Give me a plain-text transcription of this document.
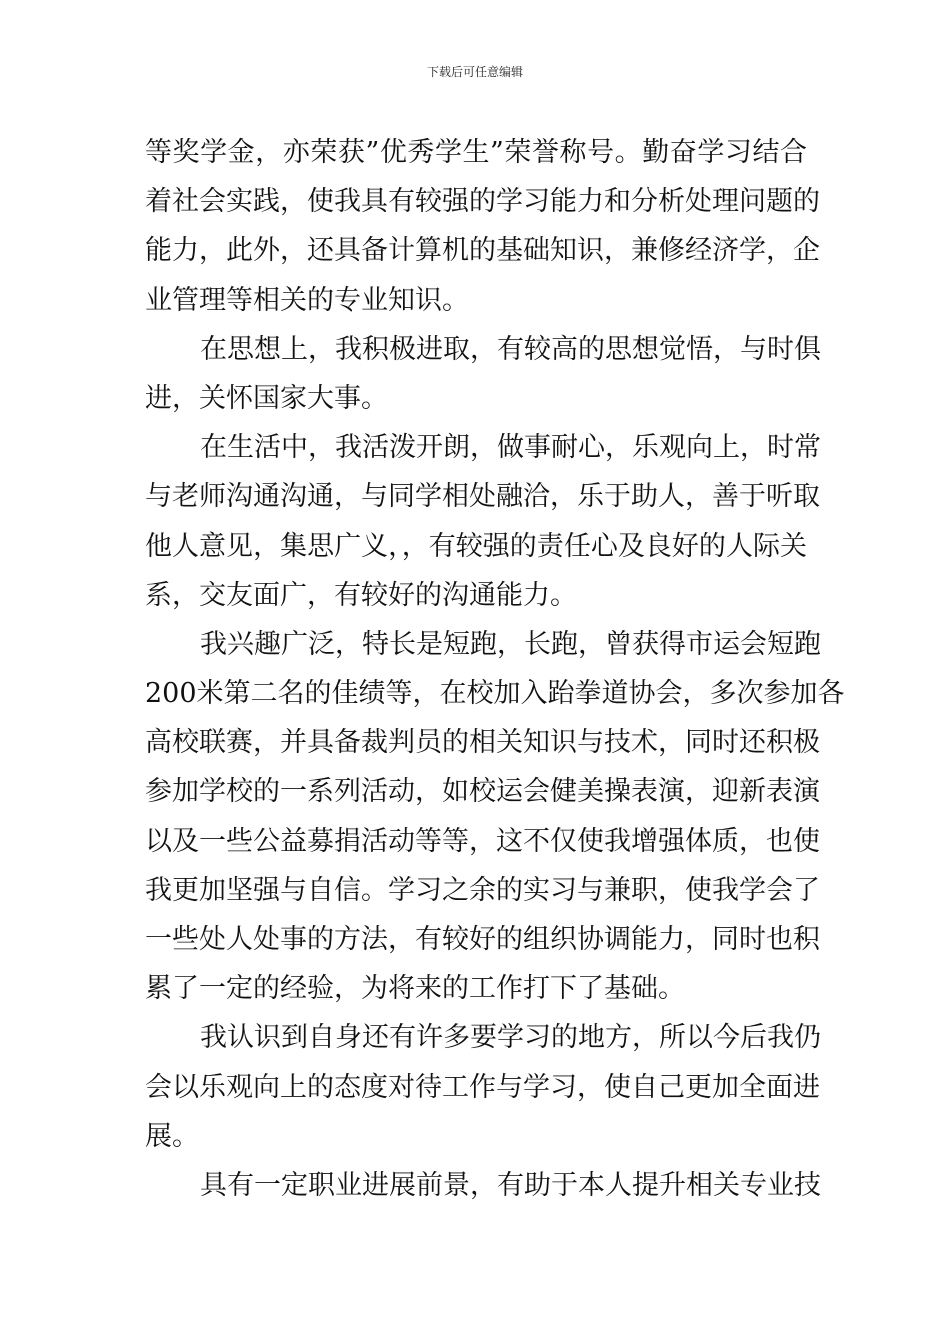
下载后可任意编辑
等奖学金，亦荣获”优秀学生”荣誉称号。勤奋学习结合
着社会实践，使我具有较强的学习能力和分析处理问题的
能力，此外，还具备计算机的基础知识，兼修经济学，企
业管理等相关的专业知识。
在思想上，我积极进取，有较高的思想觉悟，与时俱
进，关怀国家大事。
在生活中，我活泼开朗，做事耐心，乐观向上，时常
与老师沟通沟通，与同学相处融洽，乐于助人，善于听取
他人意见，集思广义，，有较强的责任心及良好的人际关
系，交友面广，有较好的沟通能力。
我兴趣广泛，特长是短跑，长跑，曾获得市运会短跑
200米第二名的佳绩等，在校加入跆拳道协会，多次参加各
高校联赛，并具备裁判员的相关知识与技术，同时还积极
参加学校的一系列活动，如校运会健美操表演，迎新表演
以及一些公益募捐活动等等，这不仅使我增强体质，也使
我更加坚强与自信。学习之余的实习与兼职，使我学会了
一些处人处事的方法，有较好的组织协调能力，同时也积
累了一定的经验，为将来的工作打下了基础。
我认识到自身还有许多要学习的地方，所以今后我仍
会以乐观向上的态度对待工作与学习，使自己更加全面进
展。
具有一定职业进展前景，有助于本人提升相关专业技
